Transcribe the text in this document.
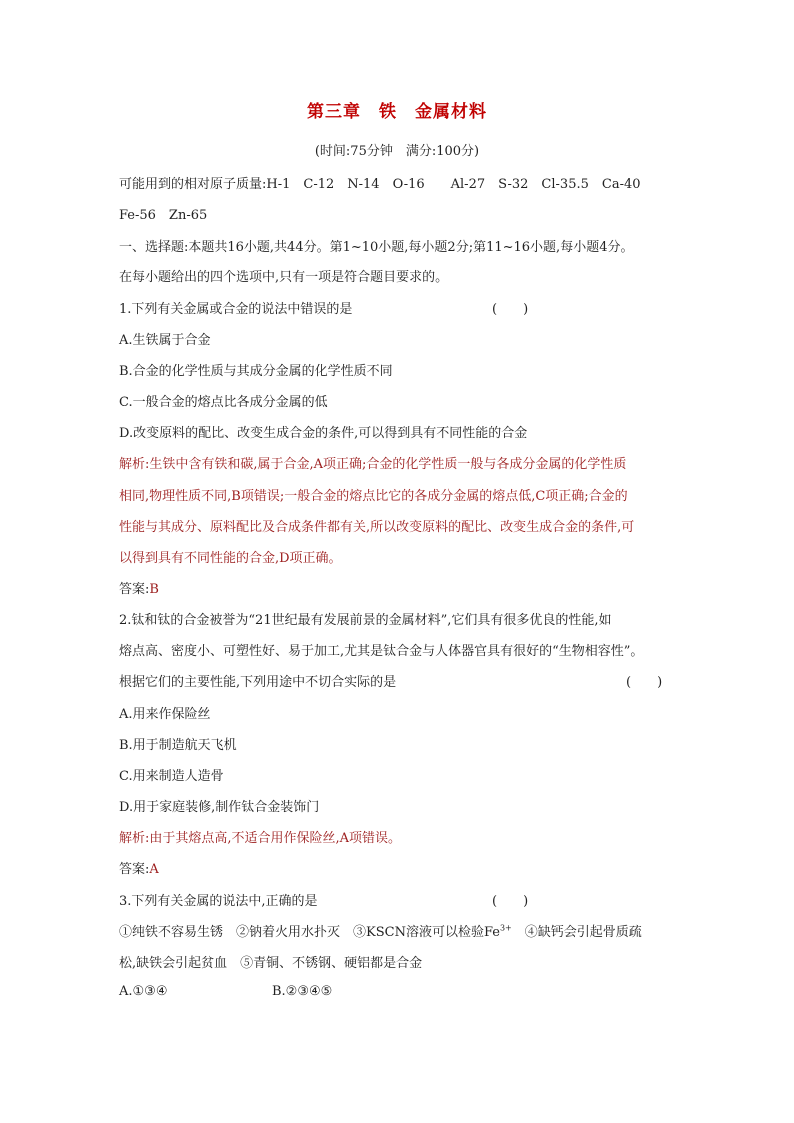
第三章　铁　金属材料
(时间:75分钟　满分:100分)
可能用到的相对原子质量:H-1　C-12　N-14　O-16　　Al-27　S-32　Cl-35.5　Ca-40
Fe-56　Zn-65
一、选择题:本题共16小题,共44分。第1~10小题,每小题2分;第11~16小题,每小题4分。
在每小题给出的四个选项中,只有一项是符合题目要求的。
1.下列有关金属或合金的说法中错误的是	(　　)
A.生铁属于合金
B.合金的化学性质与其成分金属的化学性质不同
C.一般合金的熔点比各成分金属的低
D.改变原料的配比、改变生成合金的条件,可以得到具有不同性能的合金
解析:生铁中含有铁和碳,属于合金,A项正确;合金的化学性质一般与各成分金属的化学性质
相同,物理性质不同,B项错误;一般合金的熔点比它的各成分金属的熔点低,C项正确;合金的
性能与其成分、原料配比及合成条件都有关,所以改变原料的配比、改变生成合金的条件,可
以得到具有不同性能的合金,D项正确。
答案:B
2.钛和钛的合金被誉为“21世纪最有发展前景的金属材料”,它们具有很多优良的性能,如
熔点高、密度小、可塑性好、易于加工,尤其是钛合金与人体器官具有很好的“生物相容性”。
根据它们的主要性能,下列用途中不切合实际的是	(　　)
A.用来作保险丝
B.用于制造航天飞机
C.用来制造人造骨
D.用于家庭装修,制作钛合金装饰门
解析:由于其熔点高,不适合用作保险丝,A项错误。
答案:A
3.下列有关金属的说法中,正确的是	(　　)
①纯铁不容易生锈　②钠着火用水扑灭　③KSCN溶液可以检验$Fe^{3+}$　④缺钙会引起骨质疏
松,缺铁会引起贫血　⑤青铜、不锈钢、硬铝都是合金
A.①③④	B.②③④⑤
